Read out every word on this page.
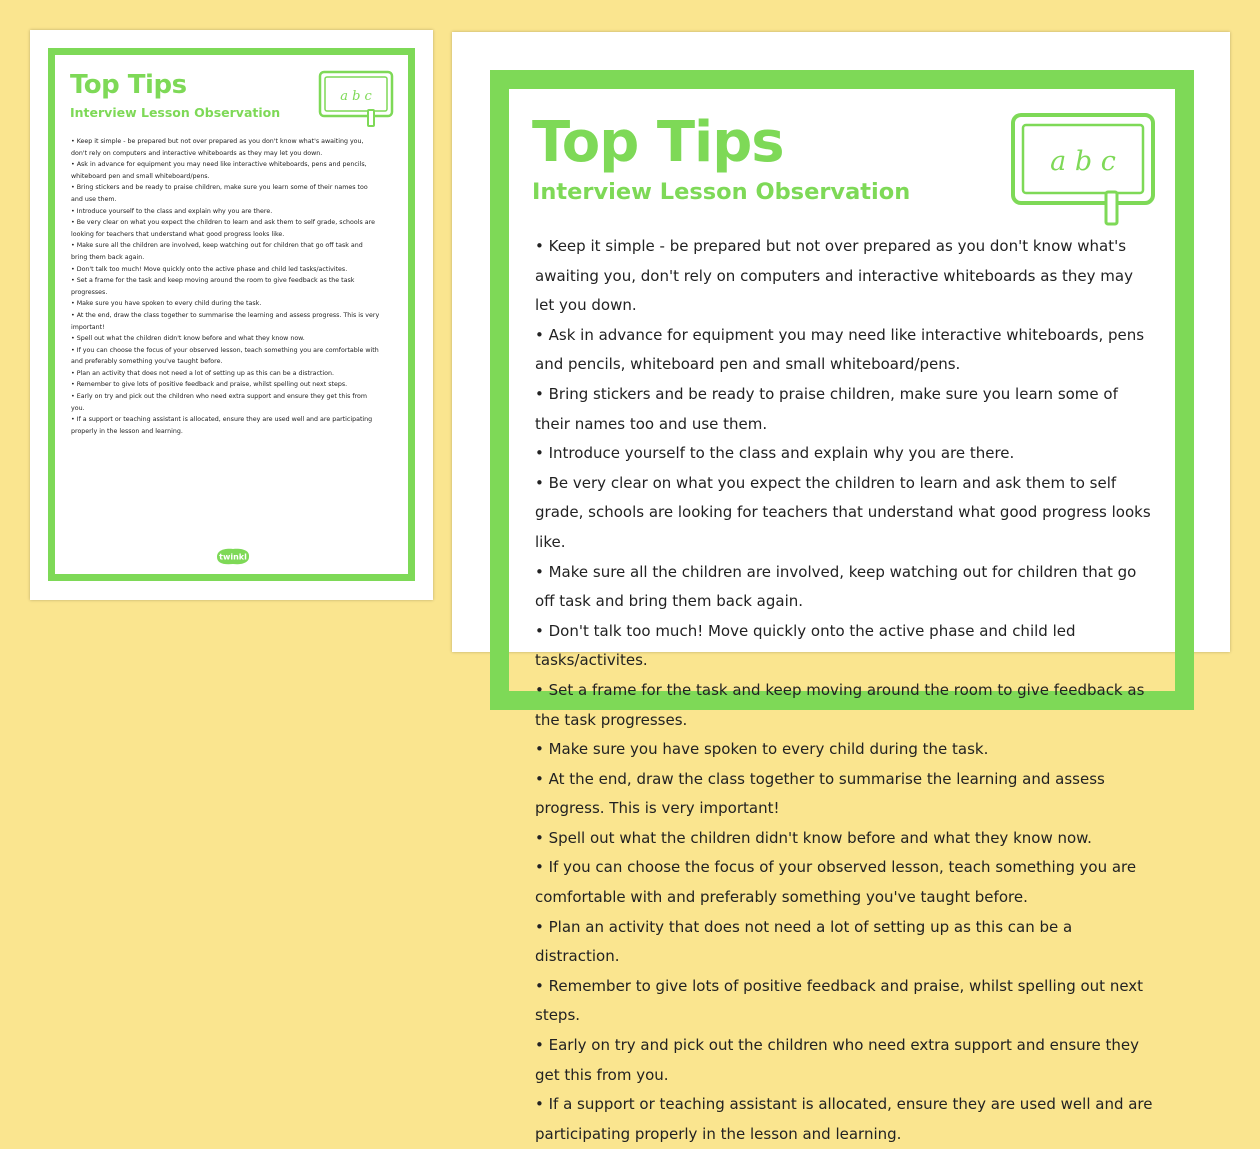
Top Tips
Interview Lesson Observation
a b c
• Keep it simple - be prepared but not over prepared as you don't know what's awaiting you, don't rely on computers and interactive whiteboards as they may let you down.
• Ask in advance for equipment you may need like interactive whiteboards, pens and pencils, whiteboard pen and small whiteboard/pens.
• Bring stickers and be ready to praise children, make sure you learn some of their names too and use them.
• Introduce yourself to the class and explain why you are there.
• Be very clear on what you expect the children to learn and ask them to self grade, schools are looking for teachers that understand what good progress looks like.
• Make sure all the children are involved, keep watching out for children that go off task and bring them back again.
• Don't talk too much! Move quickly onto the active phase and child led tasks/activites.
• Set a frame for the task and keep moving around the room to give feedback as the task progresses.
• Make sure you have spoken to every child during the task.
• At the end, draw the class together to summarise the learning and assess progress. This is very important!
• Spell out what the children didn't know before and what they know now.
• If you can choose the focus of your observed lesson, teach something you are comfortable with and preferably something you've taught before.
• Plan an activity that does not need a lot of setting up as this can be a distraction.
• Remember to give lots of positive feedback and praise, whilst spelling out next steps.
• Early on try and pick out the children who need extra support and ensure they get this from you.
• If a support or teaching assistant is allocated, ensure they are used well and are participating properly in the lesson and learning.
twinkl
Top Tips
Interview Lesson Observation
a b c
• Keep it simple - be prepared but not over prepared as you don't know what's awaiting you, don't rely on computers and interactive whiteboards as they may let you down.
• Ask in advance for equipment you may need like interactive whiteboards, pens and pencils, whiteboard pen and small whiteboard/pens.
• Bring stickers and be ready to praise children, make sure you learn some of their names too and use them.
• Introduce yourself to the class and explain why you are there.
• Be very clear on what you expect the children to learn and ask them to self grade, schools are looking for teachers that understand what good progress looks like.
• Make sure all the children are involved, keep watching out for children that go off task and bring them back again.
• Don't talk too much! Move quickly onto the active phase and child led tasks/activites.
• Set a frame for the task and keep moving around the room to give feedback as the task progresses.
• Make sure you have spoken to every child during the task.
• At the end, draw the class together to summarise the learning and assess progress. This is very important!
• Spell out what the children didn't know before and what they know now.
• If you can choose the focus of your observed lesson, teach something you are comfortable with and preferably something you've taught before.
• Plan an activity that does not need a lot of setting up as this can be a distraction.
• Remember to give lots of positive feedback and praise, whilst spelling out next steps.
• Early on try and pick out the children who need extra support and ensure they get this from you.
• If a support or teaching assistant is allocated, ensure they are used well and are participating properly in the lesson and learning.
